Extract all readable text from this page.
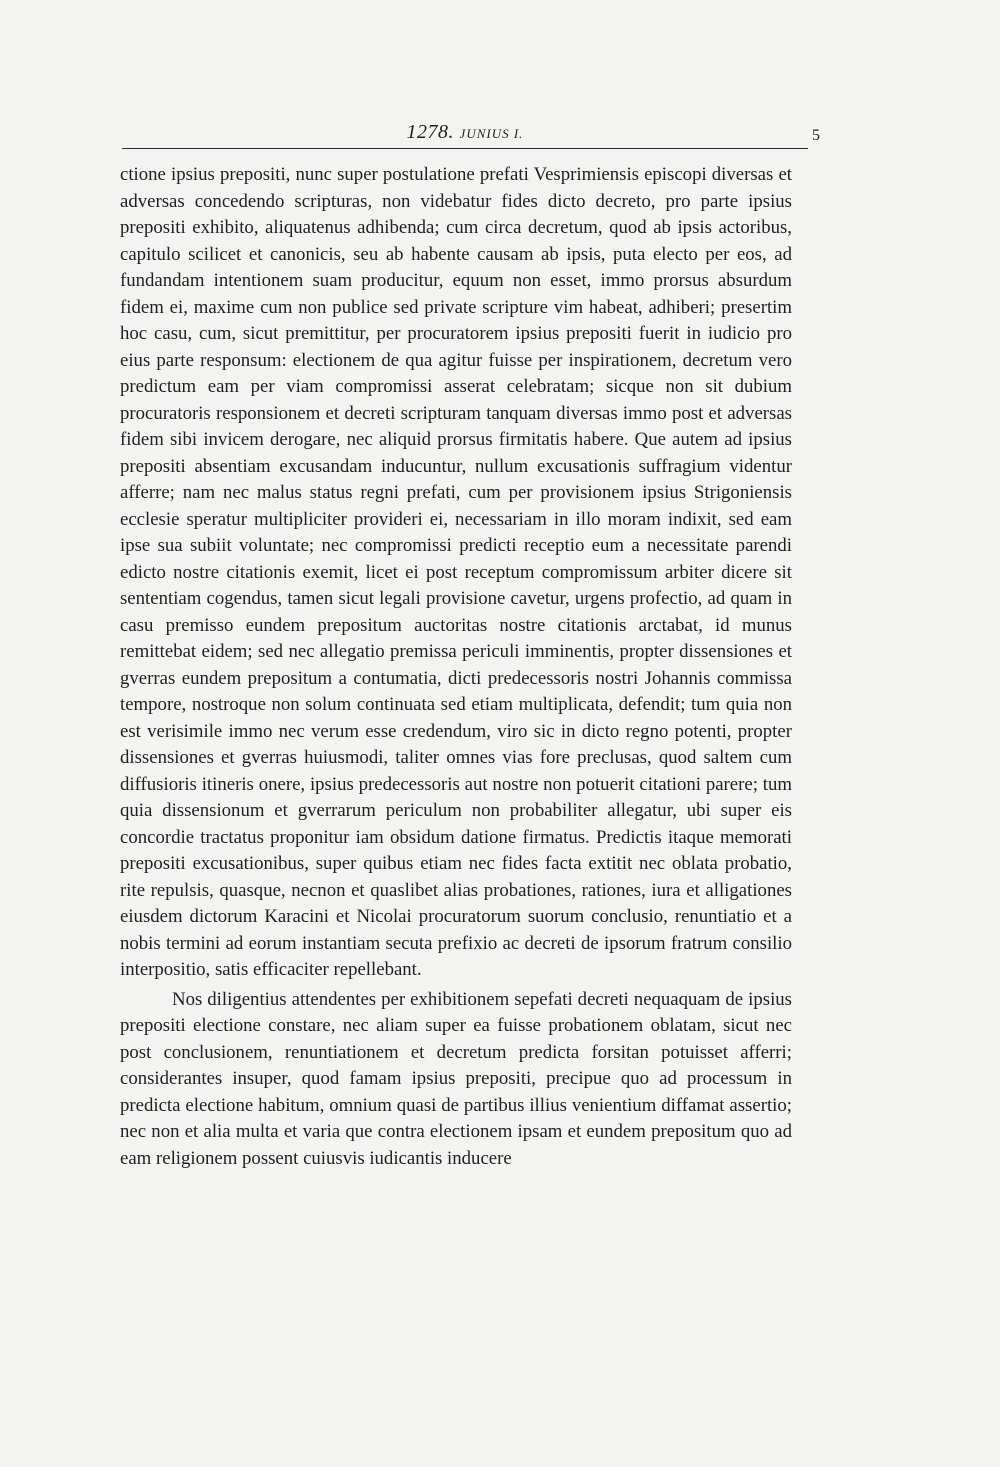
1278. JUNIUS I.	5

ctione ipsius prepositi, nunc super postulatione prefati Vesprimiensis episcopi diversas et adversas concedendo scripturas, non videbatur fides dicto decreto, pro parte ipsius prepositi exhibito, aliquatenus adhibenda; cum circa decretum, quod ab ipsis actoribus, capitulo scilicet et canonicis, seu ab habente causam ab ipsis, puta electo per eos, ad fundandam intentionem suam producitur, equum non esset, immo prorsus absurdum fidem ei, maxime cum non publice sed private scripture vim habeat, adhiberi; presertim hoc casu, cum, sicut premittitur, per procuratorem ipsius prepositi fuerit in iudicio pro eius parte responsum: electionem de qua agitur fuisse per inspirationem, decretum vero predictum eam per viam compromissi asserat celebratam; sicque non sit dubium procuratoris responsionem et decreti scripturam tanquam diversas immo post et adversas fidem sibi invicem derogare, nec aliquid prorsus firmitatis habere. Que autem ad ipsius prepositi absentiam excusandam inducuntur, nullum excusationis suffragium videntur afferre; nam nec malus status regni prefati, cum per provisionem ipsius Strigoniensis ecclesie speratur multipliciter provideri ei, necessariam in illo moram indixit, sed eam ipse sua subiit voluntate; nec compromissi predicti receptio eum a necessitate parendi edicto nostre citationis exemit, licet ei post receptum compromissum arbiter dicere sit sententiam cogendus, tamen sicut legali provisione cavetur, urgens profectio, ad quam in casu premisso eundem prepositum auctoritas nostre citationis arctabat, id munus remittebat eidem; sed nec allegatio premissa periculi imminentis, propter dissensiones et gverras eundem prepositum a contumatia, dicti predecessoris nostri Johannis commissa tempore, nostroque non solum continuata sed etiam multiplicata, defendit; tum quia non est verisimile immo nec verum esse credendum, viro sic in dicto regno potenti, propter dissensiones et gverras huiusmodi, taliter omnes vias fore preclusas, quod saltem cum diffusioris itineris onere, ipsius predecessoris aut nostre non potuerit citationi parere; tum quia dissensionum et gverrarum periculum non probabiliter allegatur, ubi super eis concordie tractatus proponitur iam obsidum datione firmatus. Predictis itaque memorati prepositi excusationibus, super quibus etiam nec fides facta extitit nec oblata probatio, rite repulsis, quasque, necnon et quaslibet alias probationes, rationes, iura et alligationes eiusdem dictorum Karacini et Nicolai procuratorum suorum conclusio, renuntiatio et a nobis termini ad eorum instantiam secuta prefixio ac decreti de ipsorum fratrum consilio interpositio, satis efficaciter repellebant.

Nos diligentius attendentes per exhibitionem sepefati decreti nequaquam de ipsius prepositi electione constare, nec aliam super ea fuisse probationem oblatam, sicut nec post conclusionem, renuntiationem et decretum predicta forsitan potuisset afferri; considerantes insuper, quod famam ipsius prepositi, precipue quo ad processum in predicta electione habitum, omnium quasi de partibus illius venientium diffamat assertio; nec non et alia multa et varia que contra electionem ipsam et eundem prepositum quo ad eam religionem possent cuiusvis iudicantis inducere
